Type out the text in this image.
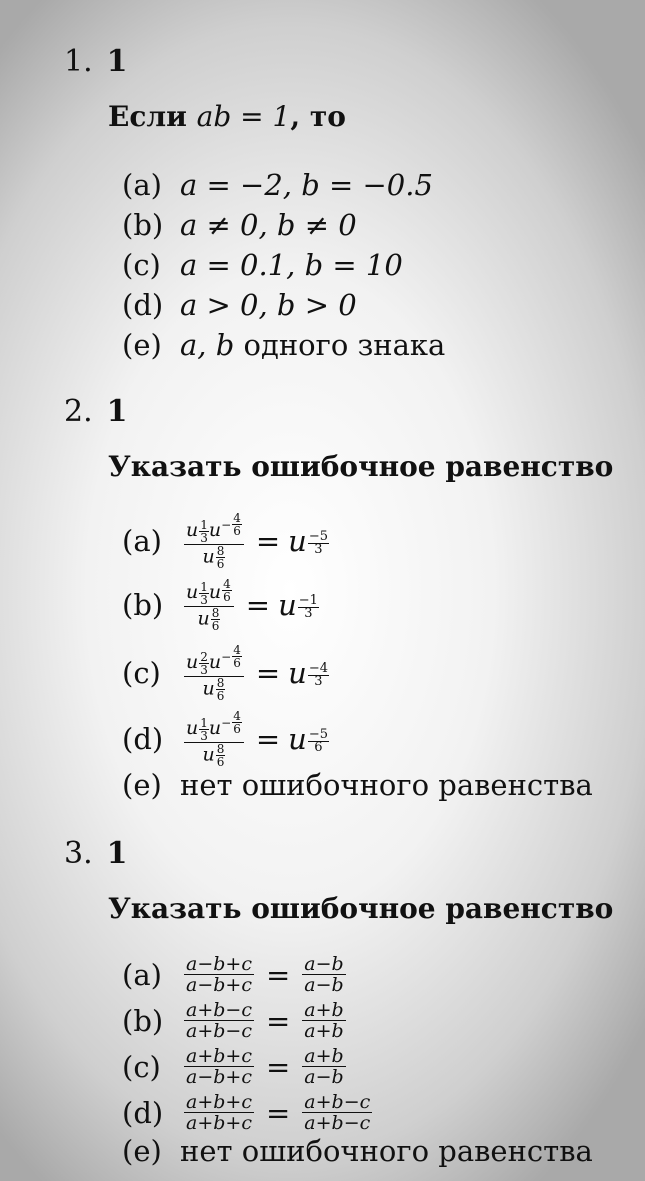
1. 1
Если ab = 1, то
(a) a = −2, b = −0.5
(b) a ≠ 0, b ≠ 0
(c) a = 0.1, b = 10
(d) a > 0, b > 0
(e) a, b одного знака
2. 1
Указать ошибочное равенство
(a)	$\frac{u \frac{1}{3} u - \frac{4}{6}}{u \frac{8}{6}} = u \frac{-5}{3}$
(b)	$\frac{u \frac{1}{3} u \frac{4}{6}}{u \frac{8}{6}} = u \frac{-1}{3}$
(c)	$\frac{u \frac{2}{3} u - \frac{4}{6}}{u \frac{8}{6}} = u \frac{-4}{3}$
(d)	$\frac{u \frac{1}{3} u - \frac{4}{6}}{u \frac{8}{6}} = u \frac{-5}{6}$
(e) нет ошибочного равенства
3. 1
Указать ошибочное равенство
(a)	$\frac{a-b+c}{a-b+c} = \frac{a-b}{a-b}$
(b)	$\frac{a+b-c}{a+b-c} = \frac{a+b}{a+b}$
(c)	$\frac{a+b+c}{a-b+c} = \frac{a+b}{a-b}$
(d)	$\frac{a+b+c}{a+b+c} = \frac{a+b-c}{a+b-c}$
(e) нет ошибочного равенства
